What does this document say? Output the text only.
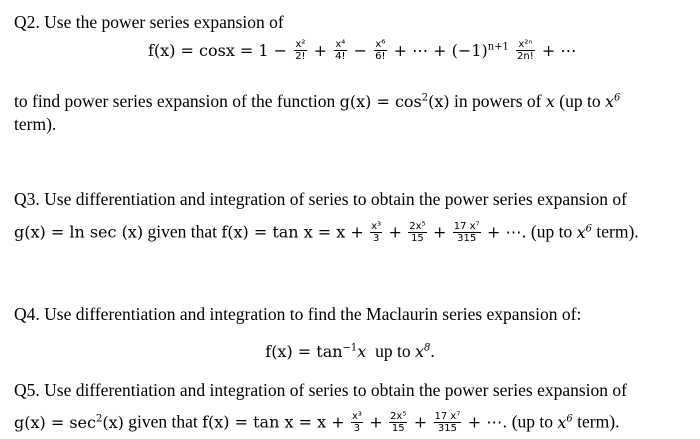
Q2. Use the power series expansion of
$f(x) = \cos x = 1 - \frac{\text{x²}}{2!} + \frac{\text{x⁴}}{4!} - \frac{\text{x⁶}}{6!}$ + ⋯ + $(-1)^{n+1} \frac{\text{x²ⁿ}}{2n!}$ + ⋯
to find power series expansion of the function $g(x) = \cos^2(x)$ in powers of x (up to $x^6$
term).
Q3. Use differentiation and integration of series to obtain the power series expansion of
g(x) = ln sec (x) given that $f(x) = \tan x = x + \frac{\text{x³}}{3} + \frac{\text{2x⁵}}{15} + \frac{\text{17 x⁷}}{315}$ + ⋯. (up to $x^6$ term).
Q4. Use differentiation and integration to find the Maclaurin series expansion of:
$f(x) = \tan^{-1}x$ up to $x^8$.
Q5. Use differentiation and integration of series to obtain the power series expansion of
$g(x) = \sec^2(x)$ given that $f(x) = \tan x = x + \frac{\text{x³}}{3} + \frac{\text{2x⁵}}{15} + \frac{\text{17 x⁷}}{315}$ + ⋯. (up to $x^6$ term).
